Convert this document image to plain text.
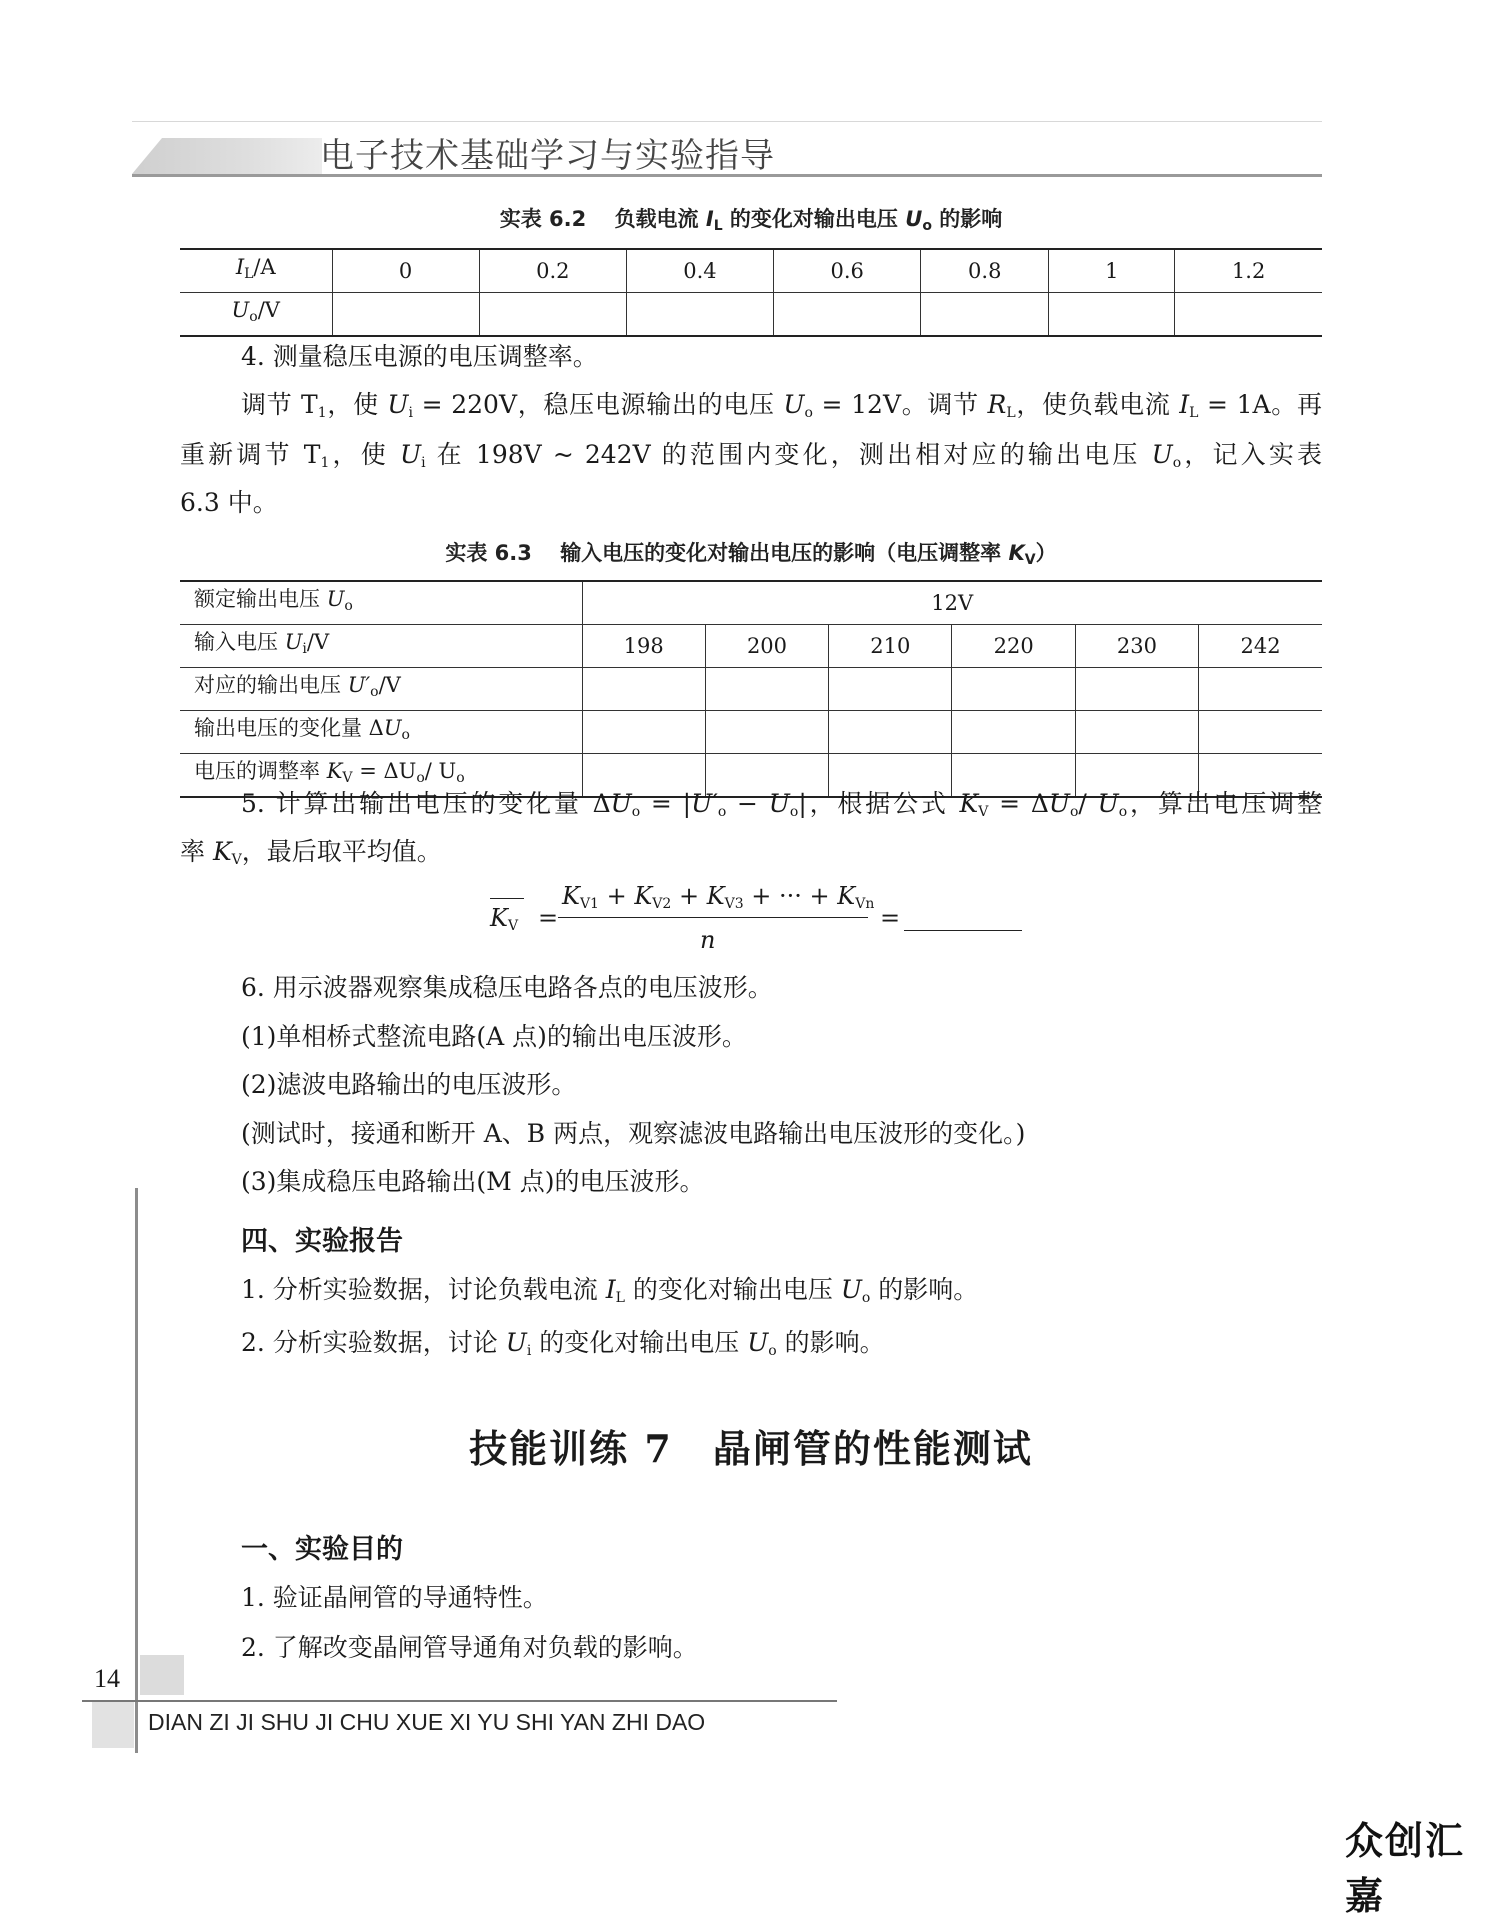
电子技术基础学习与实验指导
实表 6.2　 负载电流 $I_L$ 的变化对输出电压 $U_o$ 的影响
$I_L/A$	0	0.2	0.4	0.6	0.8	1	1.2
$U_o/V$							
4. 测量稳压电源的电压调整率。
调节 $T_1$，使 $U_i = 220V$，稳压电源输出的电压 $U_o = 12V$。调节 $R_L$，使负载电流 $I_L = 1A$。再
重新调节 $T_1$，使 $U_i$ 在 198V ~ 242V 的范围内变化，测出相对应的输出电压 $U_o$，记入实表
6.3 中。
实表 6.3　 输入电压的变化对输出电压的影响（电压调整率 $K_V$）
额定输出电压 $U_o$	12V					
输入电压 $U_i/V$	198	200	210	220	230	242
对应的输出电压 $U'_o/V$						
输出电压的变化量 $\Delta U_o$						
电压的调整率 $K_V = \Delta U_o/$ $U_o$						
5. 计算出输出电压的变化量 $\Delta U_o = |U'_o - U_o|$，根据公式 $K_V = \Delta U_o/$ $U_o$，算出电压调整
率 $K_V$，最后取平均值。
$K_V$ =
$K_{V1} + K_{V2} + K_{V3}$ + ··· + $K_{Vn}$
n
=
6. 用示波器观察集成稳压电路各点的电压波形。
(1)单相桥式整流电路(A 点)的输出电压波形。
(2)滤波电路输出的电压波形。
(测试时，接通和断开 A、B 两点，观察滤波电路输出电压波形的变化。)
(3)集成稳压电路输出(M 点)的电压波形。
四、实验报告
1. 分析实验数据，讨论负载电流 $I_L$ 的变化对输出电压 $U_o$ 的影响。
2. 分析实验数据，讨论 $U_i$ 的变化对输出电压 $U_o$ 的影响。
技能训练 7　晶闸管的性能测试
一、实验目的
1. 验证晶闸管的导通特性。
2. 了解改变晶闸管导通角对负载的影响。
14
DIAN ZI JI SHU JI CHU XUE XI YU SHI YAN ZHI DAO
众创汇嘉
